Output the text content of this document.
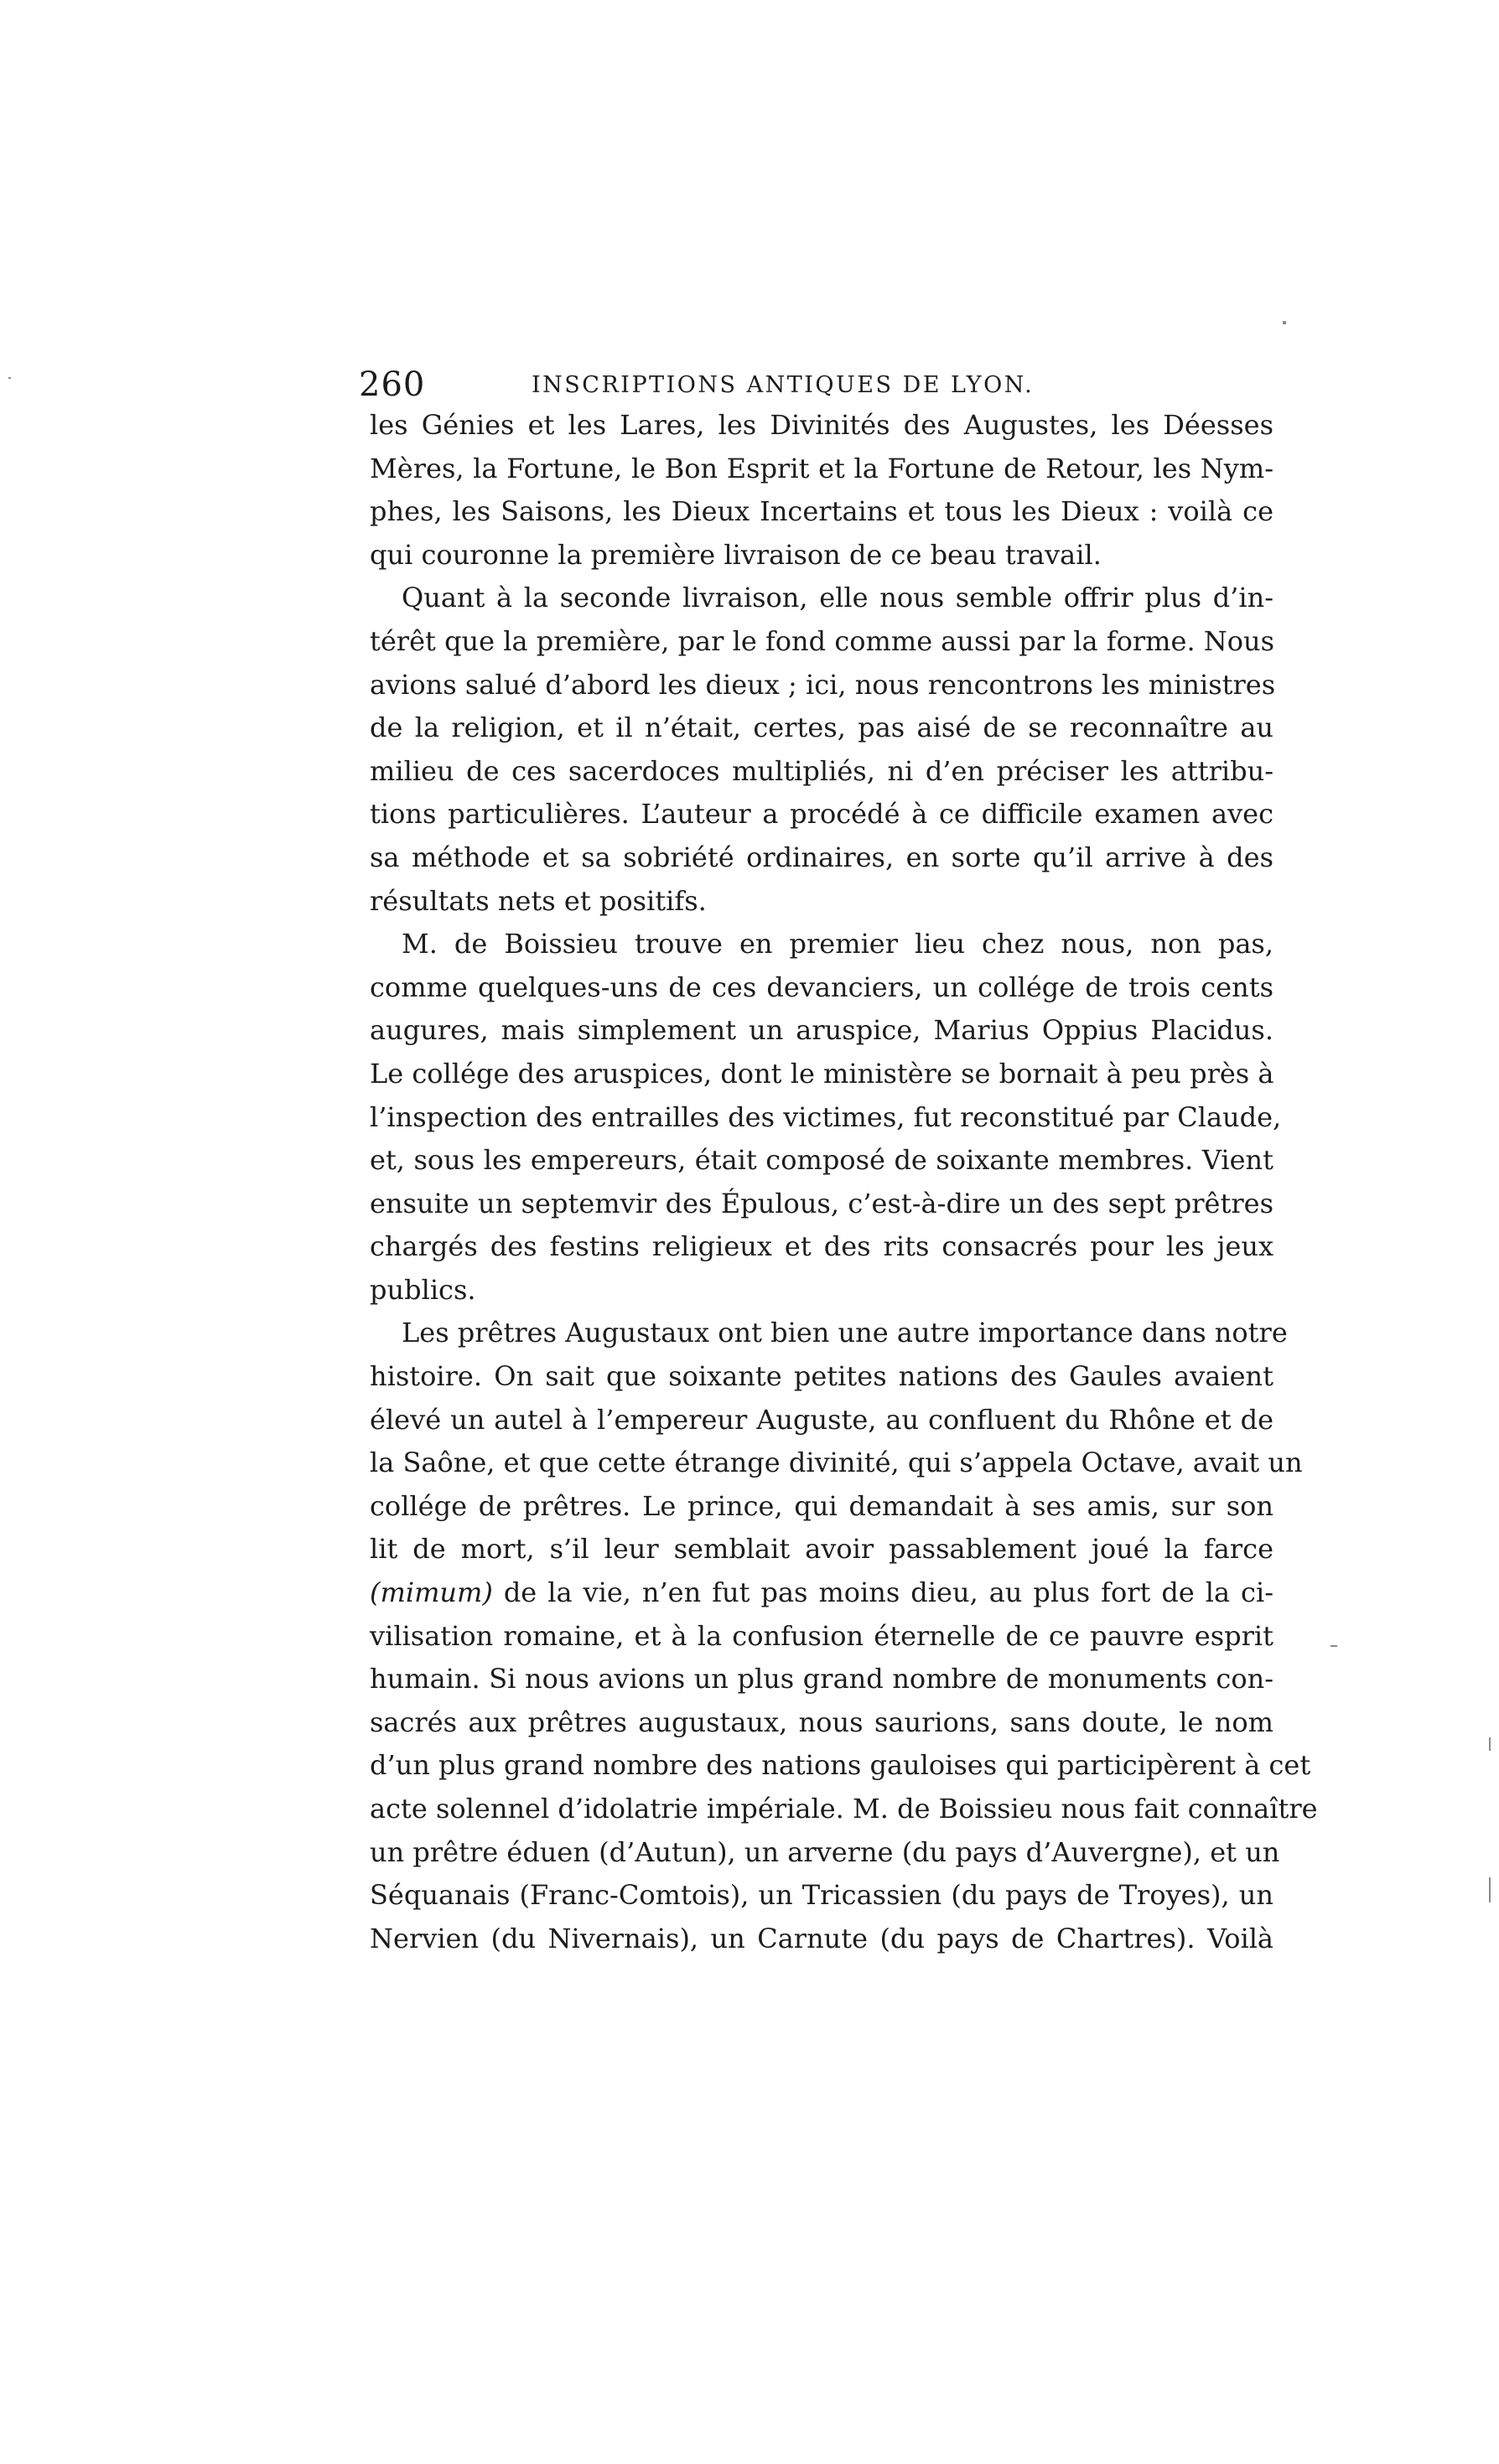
260	INSCRIPTIONS ANTIQUES DE LYON.
les Génies et les Lares, les Divinités des Augustes, les Déesses
Mères, la Fortune, le Bon Esprit et la Fortune de Retour, les Nym-
phes, les Saisons, les Dieux Incertains et tous les Dieux : voilà ce
qui couronne la première livraison de ce beau travail.
Quant à la seconde livraison, elle nous semble offrir plus d’in-
térêt que la première, par le fond comme aussi par la forme. Nous
avions salué d’abord les dieux ; ici, nous rencontrons les ministres
de la religion, et il n’était, certes, pas aisé de se reconnaître au
milieu de ces sacerdoces multipliés, ni d’en préciser les attribu-
tions particulières. L’auteur a procédé à ce difficile examen avec
sa méthode et sa sobriété ordinaires, en sorte qu’il arrive à des
résultats nets et positifs.
M. de Boissieu trouve en premier lieu chez nous, non pas,
comme quelques-uns de ces devanciers, un collége de trois cents
augures, mais simplement un aruspice, Marius Oppius Placidus.
Le collége des aruspices, dont le ministère se bornait à peu près à
l’inspection des entrailles des victimes, fut reconstitué par Claude,
et, sous les empereurs, était composé de soixante membres. Vient
ensuite un septemvir des Épulous, c’est-à-dire un des sept prêtres
chargés des festins religieux et des rits consacrés pour les jeux
publics.
Les prêtres Augustaux ont bien une autre importance dans notre
histoire. On sait que soixante petites nations des Gaules avaient
élevé un autel à l’empereur Auguste, au confluent du Rhône et de
la Saône, et que cette étrange divinité, qui s’appela Octave, avait un
collége de prêtres. Le prince, qui demandait à ses amis, sur son
lit de mort, s’il leur semblait avoir passablement joué la farce
(mimum) de la vie, n’en fut pas moins dieu, au plus fort de la ci-
vilisation romaine, et à la confusion éternelle de ce pauvre esprit
humain. Si nous avions un plus grand nombre de monuments con-
sacrés aux prêtres augustaux, nous saurions, sans doute, le nom
d’un plus grand nombre des nations gauloises qui participèrent à cet
acte solennel d’idolatrie impériale. M. de Boissieu nous fait connaître
un prêtre éduen (d’Autun), un arverne (du pays d’Auvergne), et un
Séquanais (Franc-Comtois), un Tricassien (du pays de Troyes), un
Nervien (du Nivernais), un Carnute (du pays de Chartres). Voilà
